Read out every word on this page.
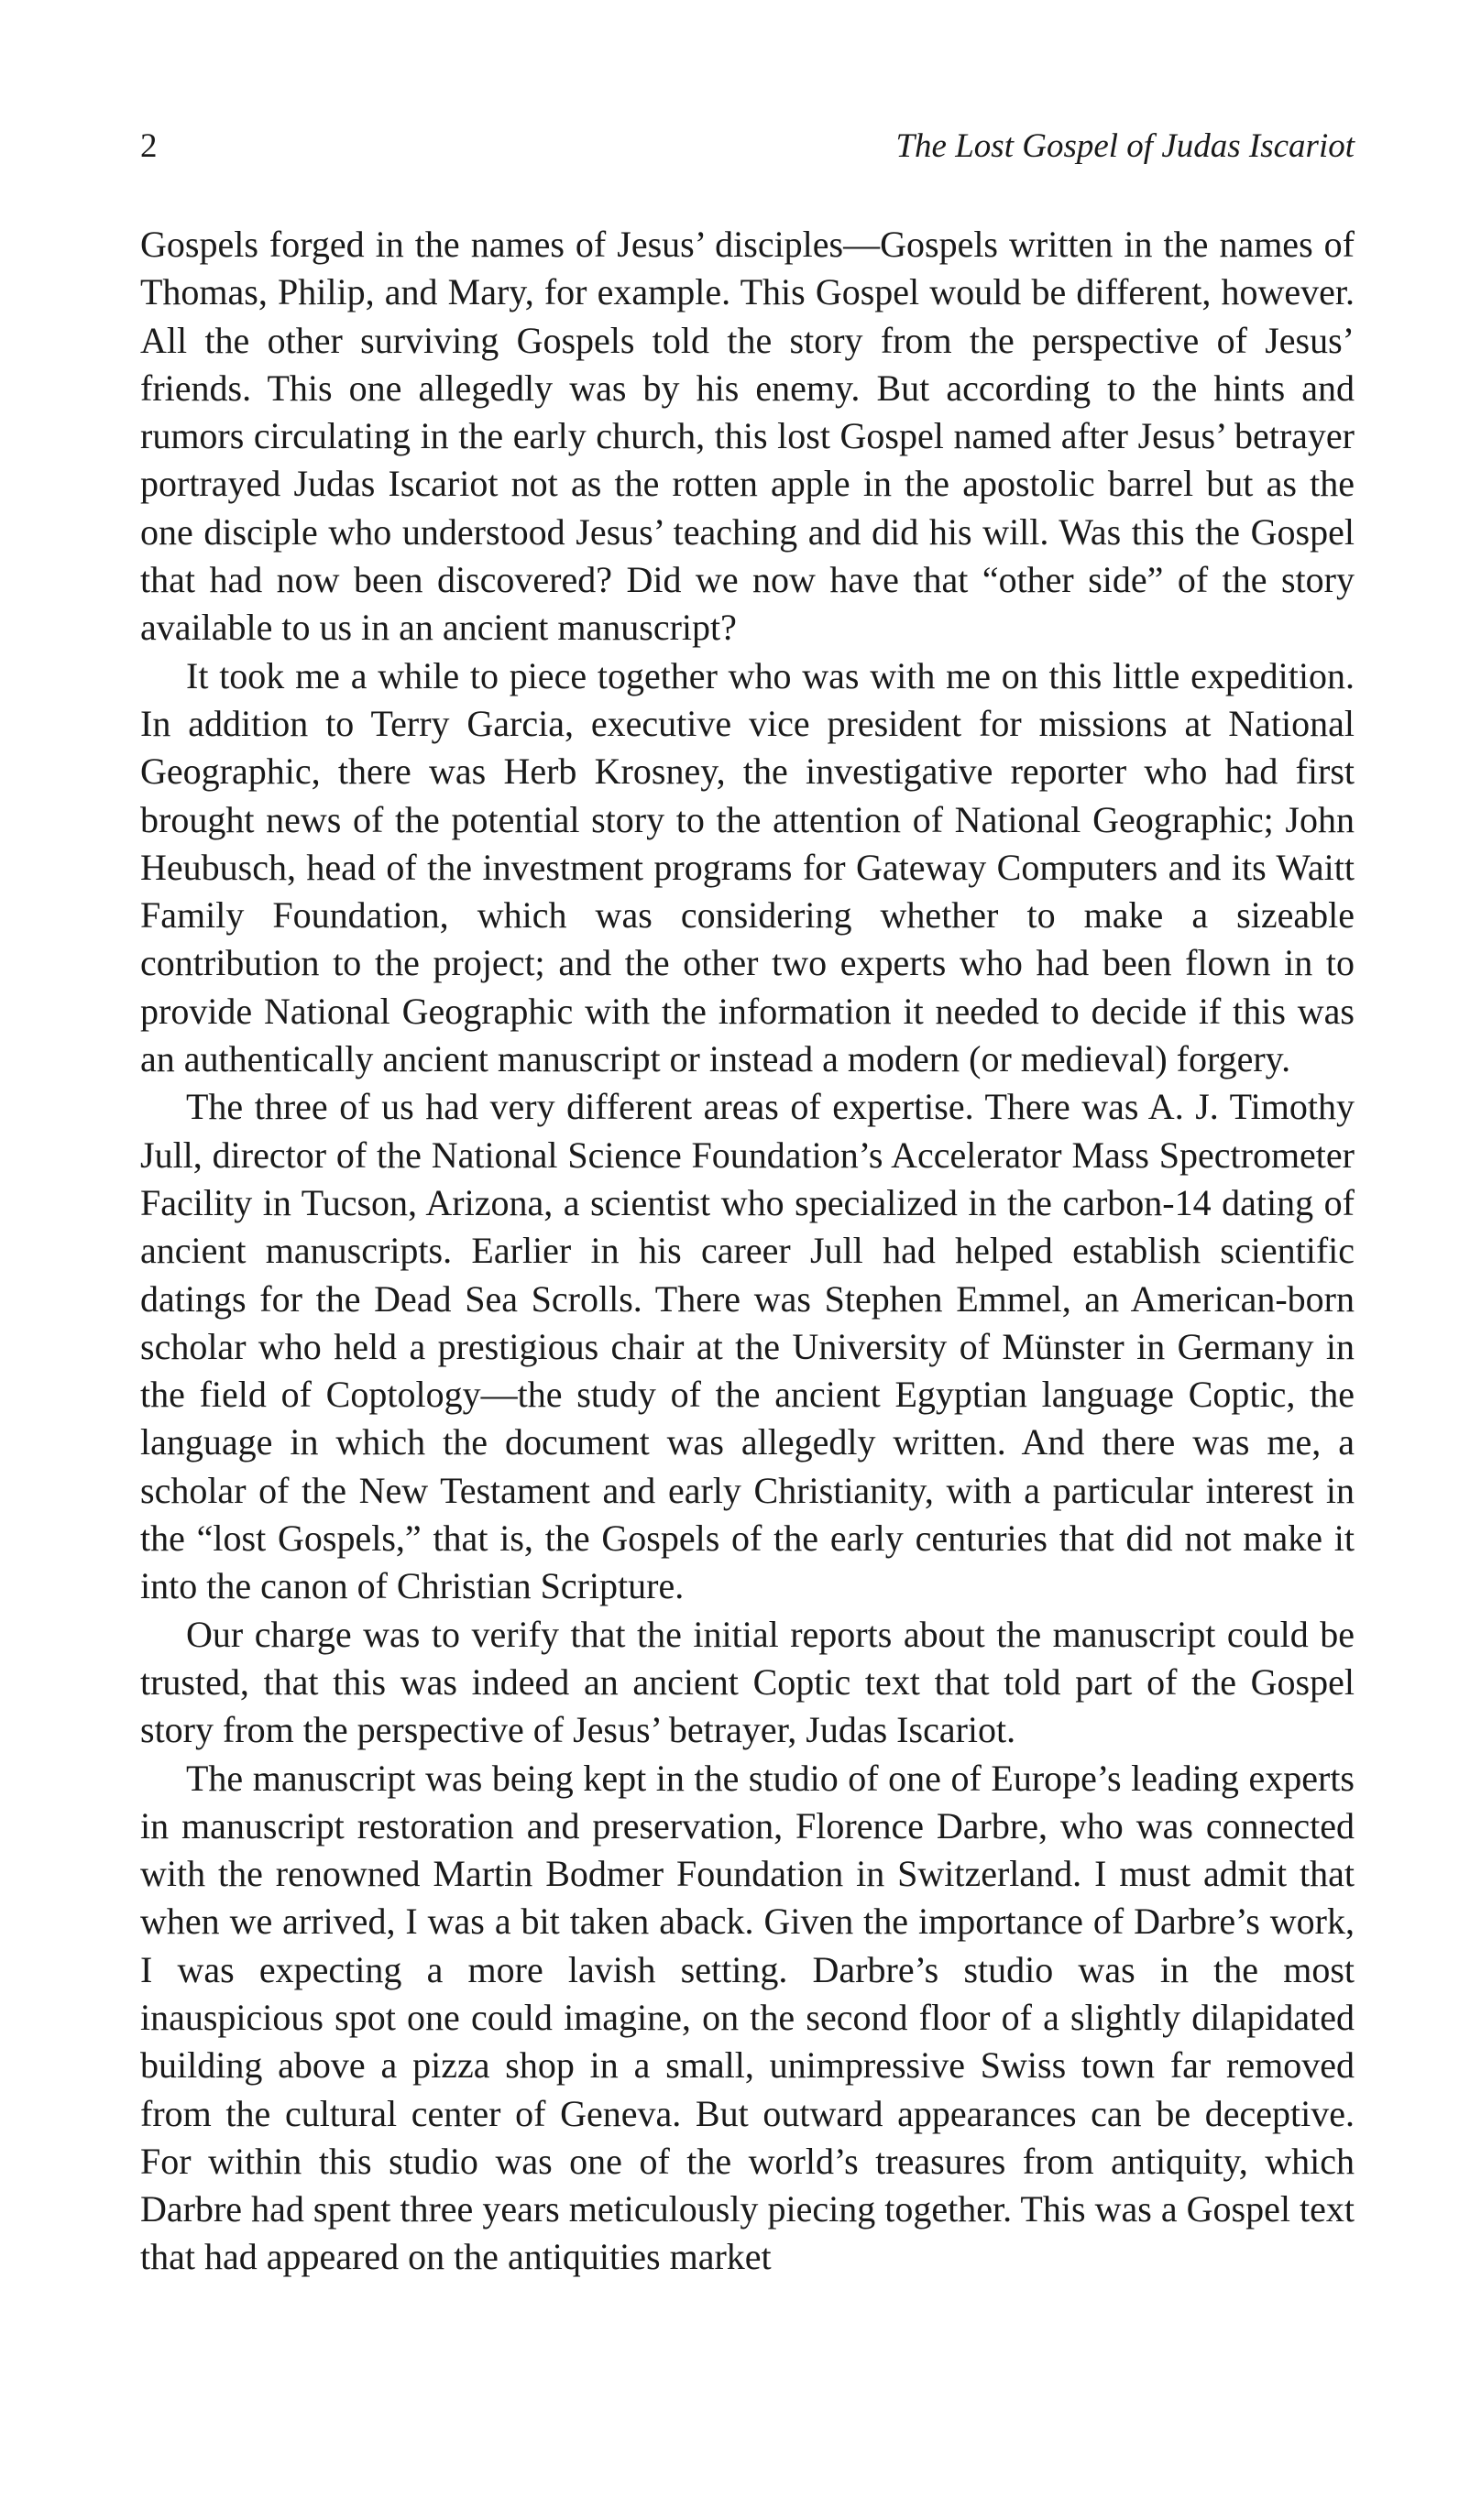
2	The Lost Gospel of Judas Iscariot

Gospels forged in the names of Jesus’ disciples—Gospels written in the names of Thomas, Philip, and Mary, for example. This Gospel would be different, however. All the other surviving Gospels told the story from the perspective of Jesus’ friends. This one allegedly was by his enemy. But according to the hints and rumors circulating in the early church, this lost Gospel named after Jesus’ betrayer portrayed Judas Iscariot not as the rotten apple in the apostolic barrel but as the one disciple who understood Jesus’ teaching and did his will. Was this the Gospel that had now been discovered? Did we now have that “other side” of the story available to us in an ancient manuscript?

It took me a while to piece together who was with me on this little expedition. In addition to Terry Garcia, executive vice president for missions at National Geographic, there was Herb Krosney, the investigative reporter who had first brought news of the potential story to the attention of National Geographic; John Heubusch, head of the investment programs for Gateway Computers and its Waitt Family Foundation, which was considering whether to make a sizeable contribution to the project; and the other two experts who had been flown in to provide National Geographic with the information it needed to decide if this was an authentically ancient manuscript or instead a modern (or medieval) forgery.

The three of us had very different areas of expertise. There was A. J. Timothy Jull, director of the National Science Foundation’s Accelerator Mass Spectrometer Facility in Tucson, Arizona, a scientist who specialized in the carbon-14 dating of ancient manuscripts. Earlier in his career Jull had helped establish scientific datings for the Dead Sea Scrolls. There was Stephen Emmel, an American-born scholar who held a prestigious chair at the University of Münster in Germany in the field of Coptology—the study of the ancient Egyptian language Coptic, the language in which the document was allegedly written. And there was me, a scholar of the New Testament and early Christianity, with a particular interest in the “lost Gospels,” that is, the Gospels of the early centuries that did not make it into the canon of Christian Scripture.

Our charge was to verify that the initial reports about the manuscript could be trusted, that this was indeed an ancient Coptic text that told part of the Gospel story from the perspective of Jesus’ betrayer, Judas Iscariot.

The manuscript was being kept in the studio of one of Europe’s leading experts in manuscript restoration and preservation, Florence Darbre, who was connected with the renowned Martin Bodmer Foundation in Switzerland. I must admit that when we arrived, I was a bit taken aback. Given the importance of Darbre’s work, I was expecting a more lavish setting. Darbre’s studio was in the most inauspicious spot one could imagine, on the second floor of a slightly dilapidated building above a pizza shop in a small, unimpressive Swiss town far removed from the cultural center of Geneva. But outward appearances can be deceptive. For within this studio was one of the world’s treasures from antiquity, which Darbre had spent three years meticulously piecing together. This was a Gospel text that had appeared on the antiquities market
